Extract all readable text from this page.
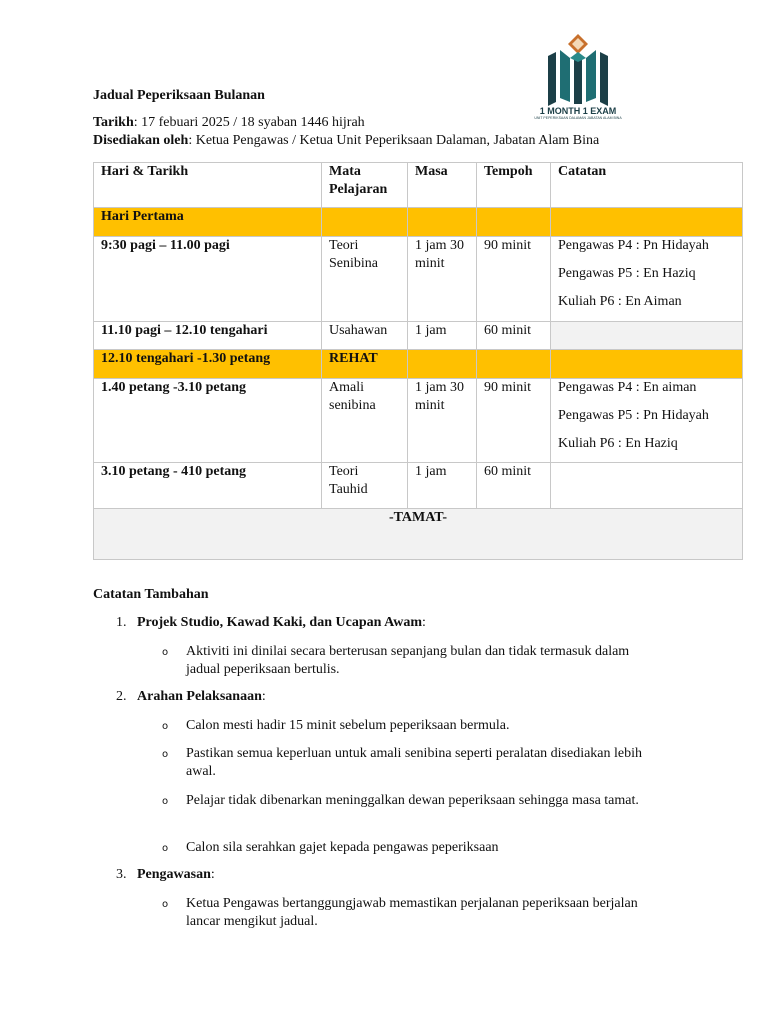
1 MONTH 1 EXAM
UNIT PEPERIKSAAN DALAMAN JABATAN ALAM BINA
Jadual Peperiksaan Bulanan
Tarikh: 17 febuari 2025 / 18 syaban 1446 hijrah
Disediakan oleh: Ketua Pengawas / Ketua Unit Peperiksaan Dalaman, Jabatan Alam Bina
Hari & Tarikh	Mata Pelajaran	Masa	Tempoh	Catatan
Hari Pertama				
9:30 pagi – 11.00 pagi	Teori Senibina	1 jam 30 minit	90 minit	Pengawas P4 : Pn Hidayah

Pengawas P5 : En Haziq

Kuliah P6 : En Aiman

11.10 pagi – 12.10 tengahari	Usahawan	1 jam	60 minit	
12.10 tengahari -1.30 petang	REHAT			
1.40 petang -3.10 petang	Amali senibina	1 jam 30 minit	90 minit	Pengawas P4 : En aiman

Pengawas P5 : Pn Hidayah

Kuliah P6 : En Haziq

3.10 petang - 410 petang	Teori Tauhid	1 jam	60 minit	
-TAMAT-				
Catatan Tambahan
1. Projek Studio, Kawad Kaki, dan Ucapan Awam:
o Aktiviti ini dinilai secara berterusan sepanjang bulan dan tidak termasuk dalam jadual peperiksaan bertulis.
2. Arahan Pelaksanaan:
o Calon mesti hadir 15 minit sebelum peperiksaan bermula.
o Pastikan semua keperluan untuk amali senibina seperti peralatan disediakan lebih awal.
o Pelajar tidak dibenarkan meninggalkan dewan peperiksaan sehingga masa tamat.
o Calon sila serahkan gajet kepada pengawas peperiksaan
3. Pengawasan:
o Ketua Pengawas bertanggungjawab memastikan perjalanan peperiksaan berjalan lancar mengikut jadual.
